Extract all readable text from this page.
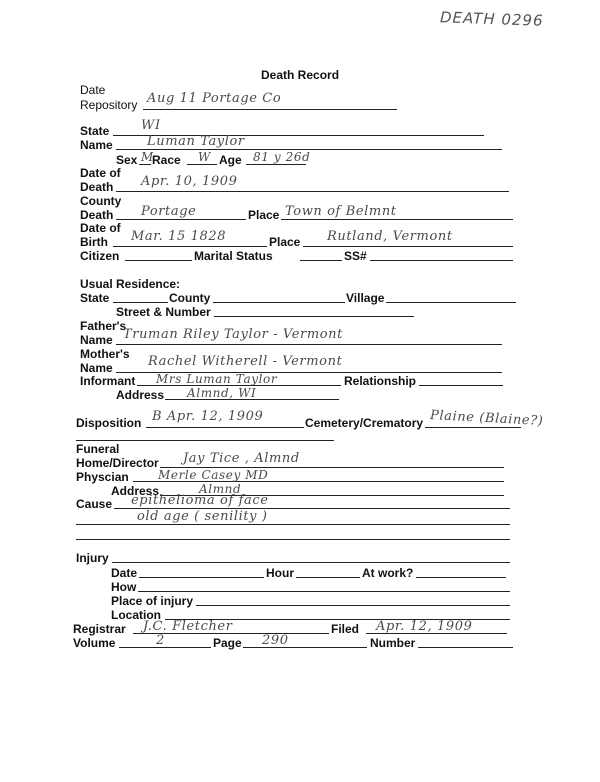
DEATH 0296
Death Record
Date
Repository Aug 11 Portage Co
State WI
Name	Luman Taylor
Sex M
Race W Age 81 y 26d
Date of
Death Apr. 10, 1909
County
Death Portage	Place Town of Belmnt
Date of
Birth Mar. 15 1828	Place Rutland, Vermont
Citizen	Marital Status	SS#
Usual Residence:
State	County	Village
Street & Number
Father's
Name Truman Riley Taylor - Vermont
Mother's
Name	Rachel Witherell - Vermont
Informant Mrs Luman Taylor	Relationship
Address Almnd, WI
Disposition B Apr. 12, 1909	Cemetery/Crematory Plaine (Blaine?)
Funeral
Home/Director Jay Tice , Almnd
Physcian Merle Casey MD
Address	Almnd
Cause epithelioma of face
old age ( senility )
Injury
Date	Hour	At work?
How
Place of injury
Location
Registrar J.C. Fletcher	Filed Apr. 12, 1909
Volume	2	Page 290	Number
